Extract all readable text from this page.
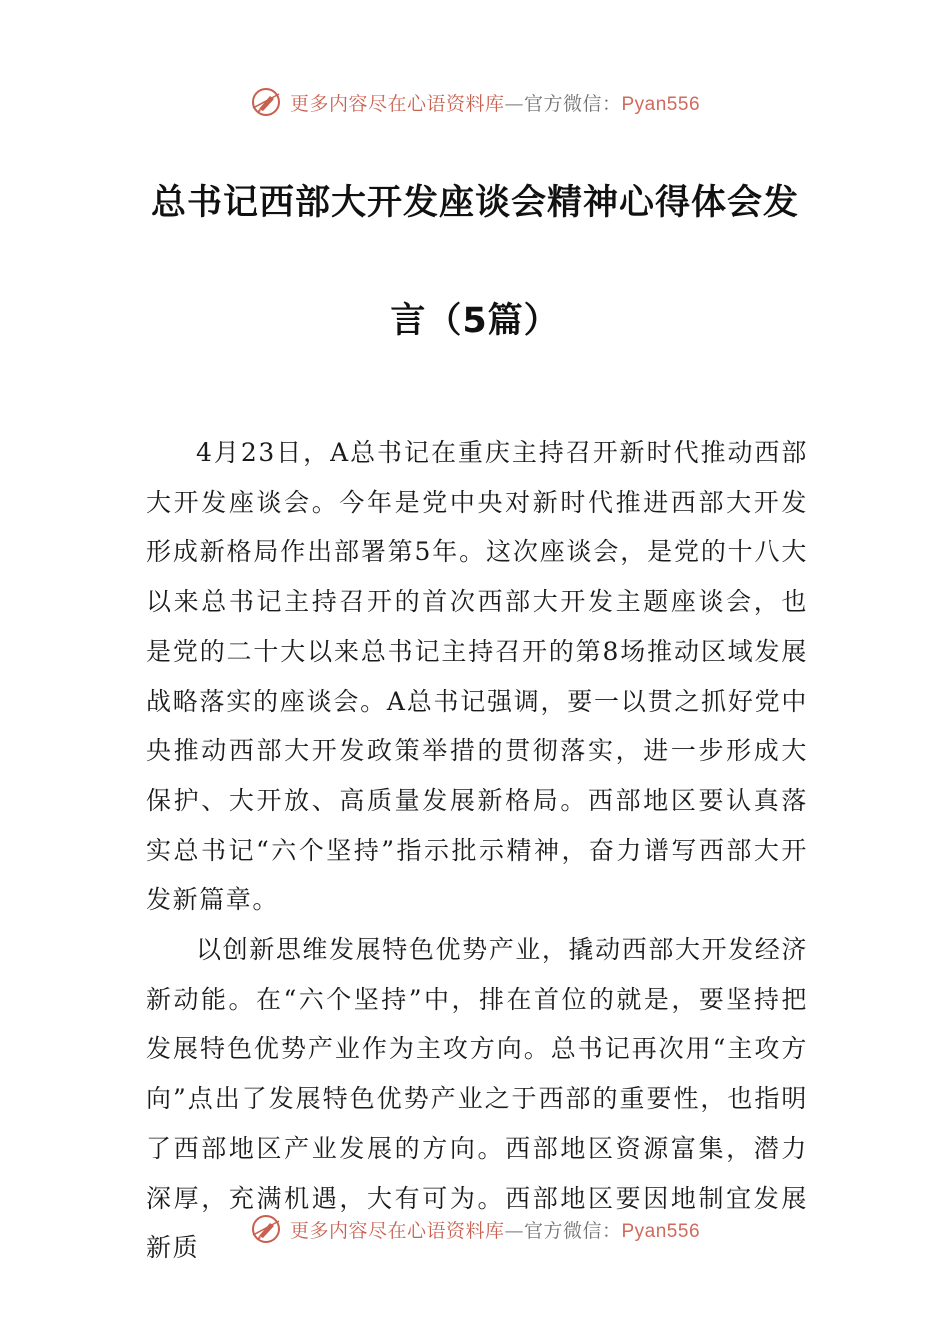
更多内容尽在心语资料库—官方微信：Pyan556
总书记西部大开发座谈会精神心得体会发
言（5篇）

4月23日，A总书记在重庆主持召开新时代推动西部大开发座谈会。今年是党中央对新时代推进西部大开发形成新格局作出部署第5年。这次座谈会，是党的十八大以来总书记主持召开的首次西部大开发主题座谈会，也是党的二十大以来总书记主持召开的第8场推动区域发展战略落实的座谈会。A总书记强调，要一以贯之抓好党中央推动西部大开发政策举措的贯彻落实，进一步形成大保护、大开放、高质量发展新格局。西部地区要认真落实总书记“六个坚持”指示批示精神，奋力谱写西部大开发新篇章。

以创新思维发展特色优势产业，撬动西部大开发经济新动能。在“六个坚持”中，排在首位的就是，要坚持把发展特色优势产业作为主攻方向。总书记再次用“主攻方向”点出了发展特色优势产业之于西部的重要性，也指明了西部地区产业发展的方向。西部地区资源富集，潜力深厚，充满机遇，大有可为。西部地区要因地制宜发展新质

更多内容尽在心语资料库—官方微信：Pyan556
